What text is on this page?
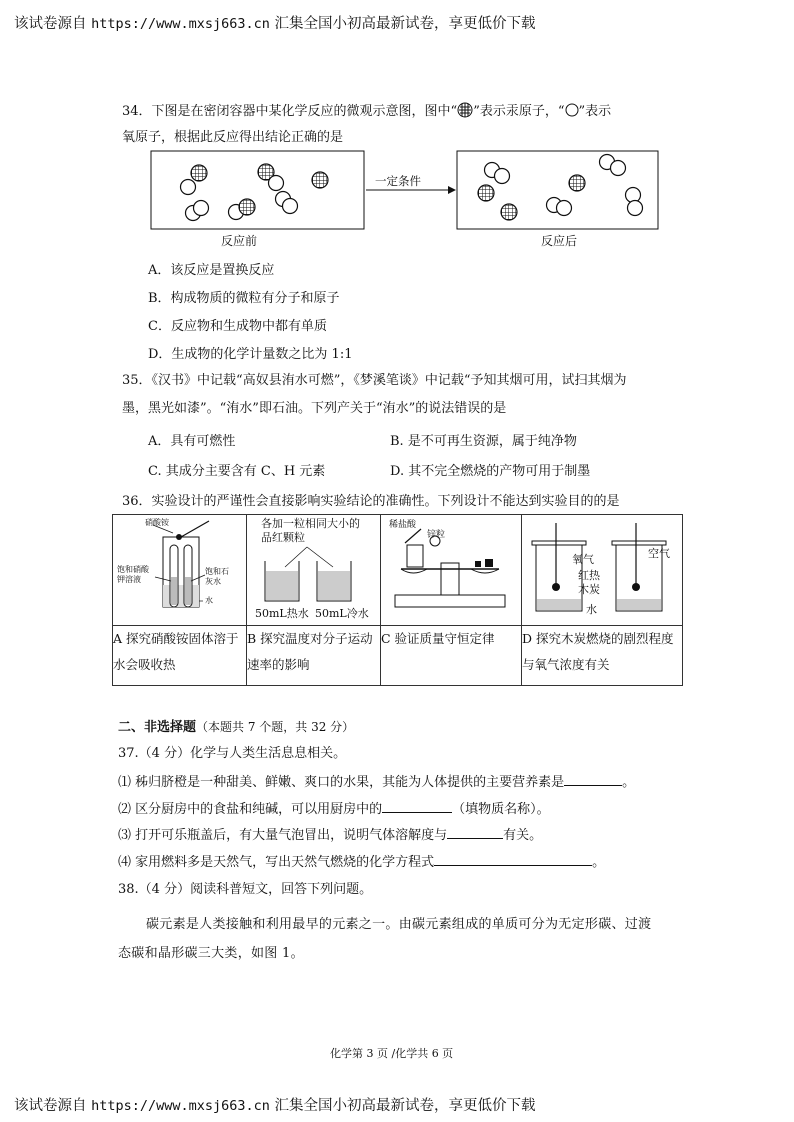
该试卷源自 https://www.mxsj663.cn 汇集全国小初高最新试卷，享更低价下载
34．下图是在密闭容器中某化学反应的微观示意图，图中“ ”表示汞原子，“ ”表示
氧原子，根据此反应得出结论正确的是
一定条件
反应前	反应后
A．该反应是置换反应
B．构成物质的微粒有分子和原子
C．反应物和生成物中都有单质
D．生成物的化学计量数之比为 1:1
35．《汉书》中记载“高奴县洧水可燃”，《梦溪笔谈》中记载“予知其烟可用，试扫其烟为
墨，黑光如漆”。“洧水”即石油。下列产关于“洧水”的说法错误的是
A．具有可燃性	B. 是不可再生资源，属于纯净物
C. 其成分主要含有 C、H 元素	D. 其不完全燃烧的产物可用于制墨
36．实验设计的严谨性会直接影响实验结论的准确性。下列设计不能达到实验目的的是
硝酸铵
饱和硝酸钾溶液
饱和石灰水
水	各加一粒相同大小的品红颗粒
50mL热水 50mL冷水	稀盐酸
锌粒	氧气 空气
红热木炭
水

A 探究硝酸铵固体溶于水会吸收热	B 探究温度对分子运动速率的影响	C 验证质量守恒定律	D 探究木炭燃烧的剧烈程度与氧气浓度有关
二、非选择题（本题共 7 个题，共 32 分）
37.（4 分）化学与人类生活息息相关。
⑴ 秭归脐橙是一种甜美、鲜嫩、爽口的水果，其能为人体提供的主要营养素是	。
⑵ 区分厨房中的食盐和纯碱，可以用厨房中的	（填物质名称）。
⑶ 打开可乐瓶盖后，有大量气泡冒出，说明气体溶解度与	有关。
⑷ 家用燃料多是天然气，写出天然气燃烧的化学方程式	。
38.（4 分）阅读科普短文，回答下列问题。
碳元素是人类接触和利用最早的元素之一。由碳元素组成的单质可分为无定形碳、过渡
态碳和晶形碳三大类，如图 1。
化学第 3 页 /化学共 6 页
该试卷源自 https://www.mxsj663.cn 汇集全国小初高最新试卷，享更低价下载
